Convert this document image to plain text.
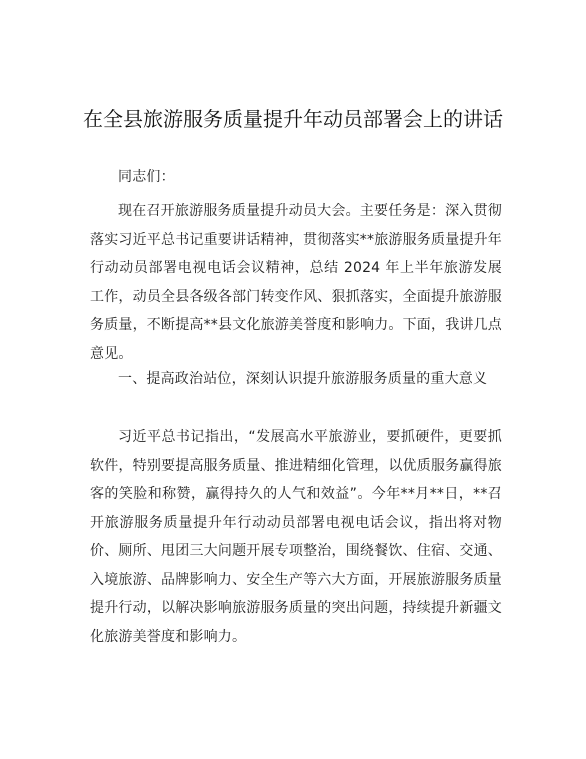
在全县旅游服务质量提升年动员部署会上的讲话
同志们：
现在召开旅游服务质量提升动员大会。主要任务是：深入贯彻落实习近平总书记重要讲话精神，贯彻落实**旅游服务质量提升年行动动员部署电视电话会议精神，总结 2024 年上半年旅游发展工作，动员全县各级各部门转变作风、狠抓落实，全面提升旅游服务质量，不断提高**县文化旅游美誉度和影响力。下面，我讲几点意见。
一、提高政治站位，深刻认识提升旅游服务质量的重大意义
习近平总书记指出，“发展高水平旅游业，要抓硬件，更要抓软件，特别要提高服务质量、推进精细化管理，以优质服务赢得旅客的笑脸和称赞，赢得持久的人气和效益”。今年**月**日，**召开旅游服务质量提升年行动动员部署电视电话会议，指出将对物价、厕所、甩团三大问题开展专项整治，围绕餐饮、住宿、交通、入境旅游、品牌影响力、安全生产等六大方面，开展旅游服务质量提升行动，以解决影响旅游服务质量的突出问题，持续提升新疆文化旅游美誉度和影响力。
